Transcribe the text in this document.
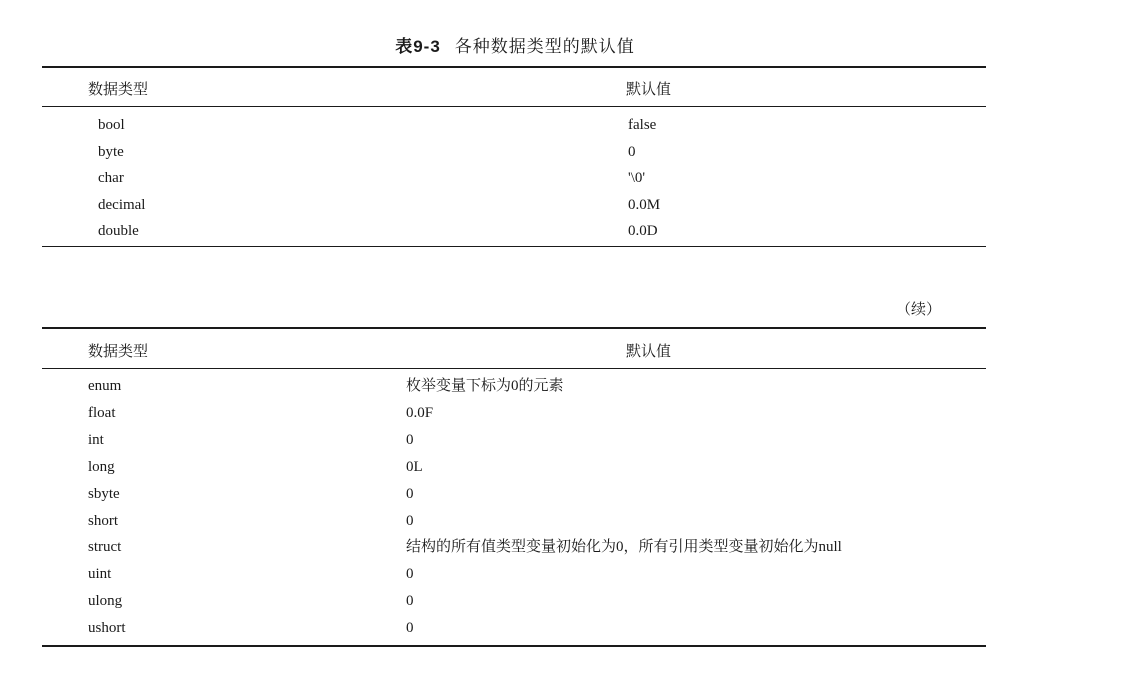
表9-3 各种数据类型的默认值
数据类型	默认值
bool	false
byte	0
char	'\0'
decimal	0.0M
double	0.0D
（续）
数据类型	默认值
enum	枚举变量下标为0的元素
float	0.0F
int	0
long	0L
sbyte	0
short	0
struct	结构的所有值类型变量初始化为0，所有引用类型变量初始化为null
uint	0
ulong	0
ushort	0
